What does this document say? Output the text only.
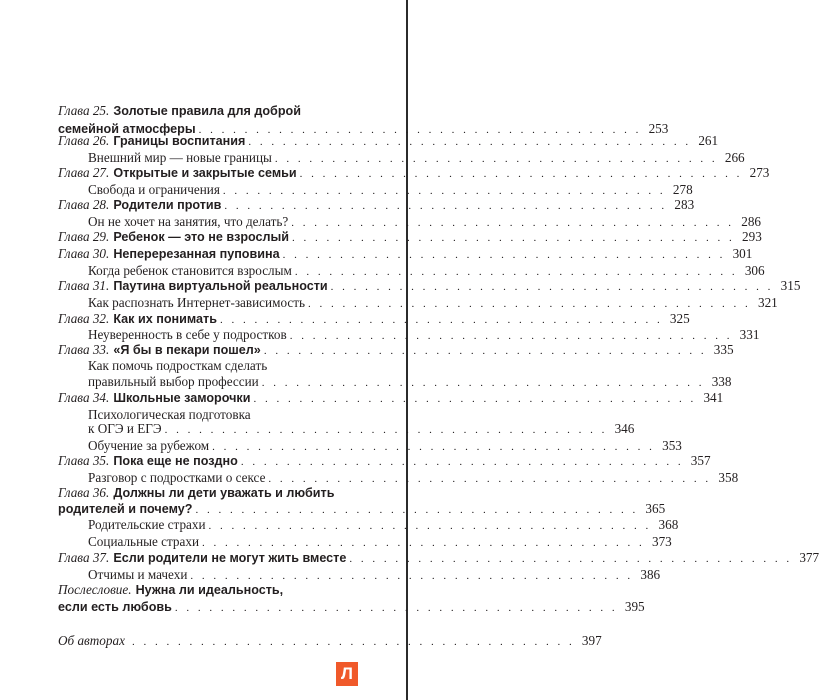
Глава 25. Золотые правила для доброй
семейной атмосферы . . . . . . . . . . . . . . . . . . . . . . . . . . . . . . . . . . . . . . . 253
Глава 26. Границы воспитания . . . . . . . . . . . . . . . . . . . . . . . . . . . . . . . . . . . . . . . 261
Внешний мир — новые границы . . . . . . . . . . . . . . . . . . . . . . . . . . . . . . . . . . . . . . . 266
Глава 27. Открытые и закрытые семьи . . . . . . . . . . . . . . . . . . . . . . . . . . . . . . . . . . . . . . . 273
Свобода и ограничения . . . . . . . . . . . . . . . . . . . . . . . . . . . . . . . . . . . . . . . 278
Глава 28. Родители против . . . . . . . . . . . . . . . . . . . . . . . . . . . . . . . . . . . . . . . 283
Он не хочет на занятия, что делать? . . . . . . . . . . . . . . . . . . . . . . . . . . . . . . . . . . . . . . . 286
Глава 29. Ребенок — это не взрослый . . . . . . . . . . . . . . . . . . . . . . . . . . . . . . . . . . . . . . . 293
Глава 30. Неперерезанная пуповина . . . . . . . . . . . . . . . . . . . . . . . . . . . . . . . . . . . . . . . 301
Когда ребенок становится взрослым . . . . . . . . . . . . . . . . . . . . . . . . . . . . . . . . . . . . . . . 306
Глава 31. Паутина виртуальной реальности . . . . . . . . . . . . . . . . . . . . . . . . . . . . . . . . . . . . . . . 315
Как распознать Интернет-зависимость . . . . . . . . . . . . . . . . . . . . . . . . . . . . . . . . . . . . . . . 321
Глава 32. Как их понимать . . . . . . . . . . . . . . . . . . . . . . . . . . . . . . . . . . . . . . . 325
Неуверенность в себе у подростков . . . . . . . . . . . . . . . . . . . . . . . . . . . . . . . . . . . . . . . 331
Глава 33. «Я бы в пекари пошел» . . . . . . . . . . . . . . . . . . . . . . . . . . . . . . . . . . . . . . . 335
Как помочь подросткам сделать
правильный выбор профессии . . . . . . . . . . . . . . . . . . . . . . . . . . . . . . . . . . . . . . . 338
Глава 34. Школьные заморочки . . . . . . . . . . . . . . . . . . . . . . . . . . . . . . . . . . . . . . . 341
Психологическая подготовка
к ОГЭ и ЕГЭ . . . . . . . . . . . . . . . . . . . . . . . . . . . . . . . . . . . . . . . 346
Обучение за рубежом . . . . . . . . . . . . . . . . . . . . . . . . . . . . . . . . . . . . . . . 353
Глава 35. Пока еще не поздно . . . . . . . . . . . . . . . . . . . . . . . . . . . . . . . . . . . . . . . 357
Разговор с подростками о сексе . . . . . . . . . . . . . . . . . . . . . . . . . . . . . . . . . . . . . . . 358
Глава 36. Должны ли дети уважать и любить
родителей и почему? . . . . . . . . . . . . . . . . . . . . . . . . . . . . . . . . . . . . . . . 365
Родительские страхи . . . . . . . . . . . . . . . . . . . . . . . . . . . . . . . . . . . . . . . 368
Социальные страхи . . . . . . . . . . . . . . . . . . . . . . . . . . . . . . . . . . . . . . . 373
Глава 37. Если родители не могут жить вместе . . . . . . . . . . . . . . . . . . . . . . . . . . . . . . . . . . . . . . . 377
Отчимы и мачехи . . . . . . . . . . . . . . . . . . . . . . . . . . . . . . . . . . . . . . . 386
Послесловие. Нужна ли идеальность,
если есть любовь . . . . . . . . . . . . . . . . . . . . . . . . . . . . . . . . . . . . . . . 395
Об авторах . . . . . . . . . . . . . . . . . . . . . . . . . . . . . . . . . . . . . . . 397
Л
